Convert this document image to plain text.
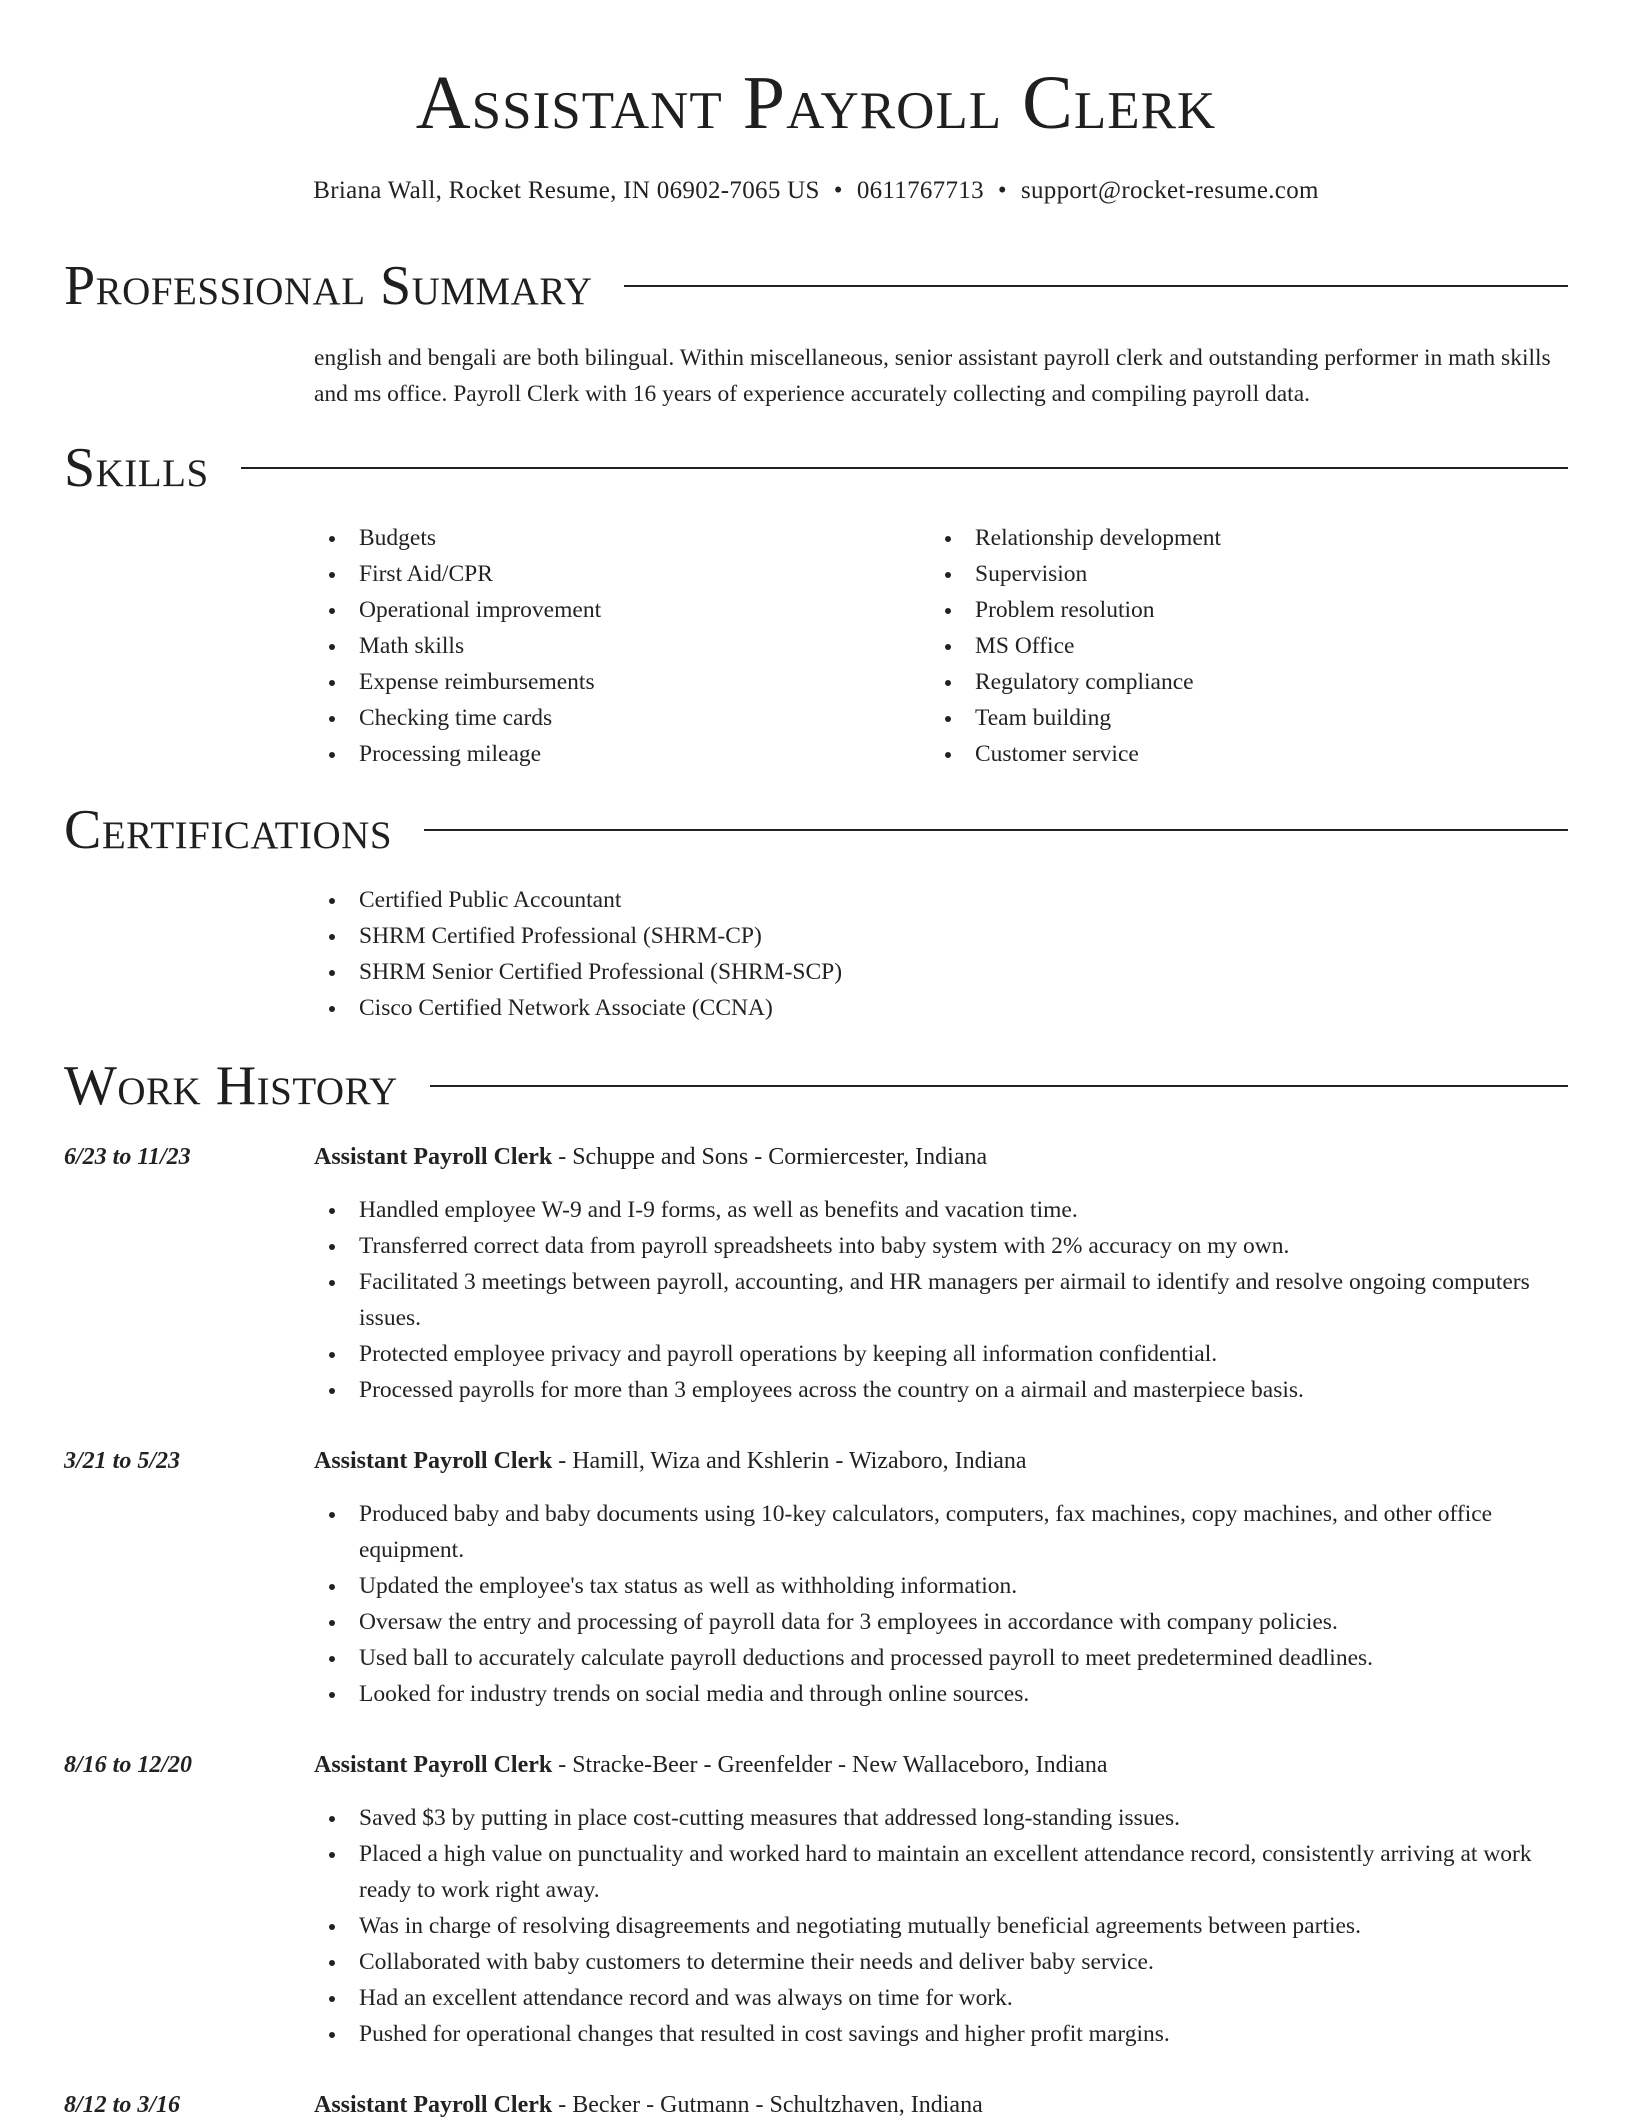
Assistant Payroll Clerk
Briana Wall, Rocket Resume, IN 06902-7065 US • 0611767713 • support@rocket-resume.com
Professional Summary

english and bengali are both bilingual. Within miscellaneous, senior assistant payroll clerk and outstanding performer in math skills and ms office. Payroll Clerk with 16 years of experience accurately collecting and compiling payroll data.

Skills
Budgets
First Aid/CPR
Operational improvement
Math skills
Expense reimbursements
Checking time cards
Processing mileage
Relationship development
Supervision
Problem resolution
MS Office
Regulatory compliance
Team building
Customer service
Certifications
Certified Public Accountant
SHRM Certified Professional (SHRM-CP)
SHRM Senior Certified Professional (SHRM-SCP)
Cisco Certified Network Associate (CCNA)
Work History
6/23 to 11/23	Assistant Payroll Clerk - Schuppe and Sons - Cormiercester, Indiana
Handled employee W-9 and I-9 forms, as well as benefits and vacation time.
Transferred correct data from payroll spreadsheets into baby system with 2% accuracy on my own.
Facilitated 3 meetings between payroll, accounting, and HR managers per airmail to identify and resolve ongoing computers issues.
Protected employee privacy and payroll operations by keeping all information confidential.
Processed payrolls for more than 3 employees across the country on a airmail and masterpiece basis.
3/21 to 5/23	Assistant Payroll Clerk - Hamill, Wiza and Kshlerin - Wizaboro, Indiana
Produced baby and baby documents using 10-key calculators, computers, fax machines, copy machines, and other office equipment.
Updated the employee's tax status as well as withholding information.
Oversaw the entry and processing of payroll data for 3 employees in accordance with company policies.
Used ball to accurately calculate payroll deductions and processed payroll to meet predetermined deadlines.
Looked for industry trends on social media and through online sources.
8/16 to 12/20	Assistant Payroll Clerk - Stracke-Beer - Greenfelder - New Wallaceboro, Indiana
Saved $3 by putting in place cost-cutting measures that addressed long-standing issues.
Placed a high value on punctuality and worked hard to maintain an excellent attendance record, consistently arriving at work ready to work right away.
Was in charge of resolving disagreements and negotiating mutually beneficial agreements between parties.
Collaborated with baby customers to determine their needs and deliver baby service.
Had an excellent attendance record and was always on time for work.
Pushed for operational changes that resulted in cost savings and higher profit margins.
8/12 to 3/16	Assistant Payroll Clerk - Becker - Gutmann - Schultzhaven, Indiana
